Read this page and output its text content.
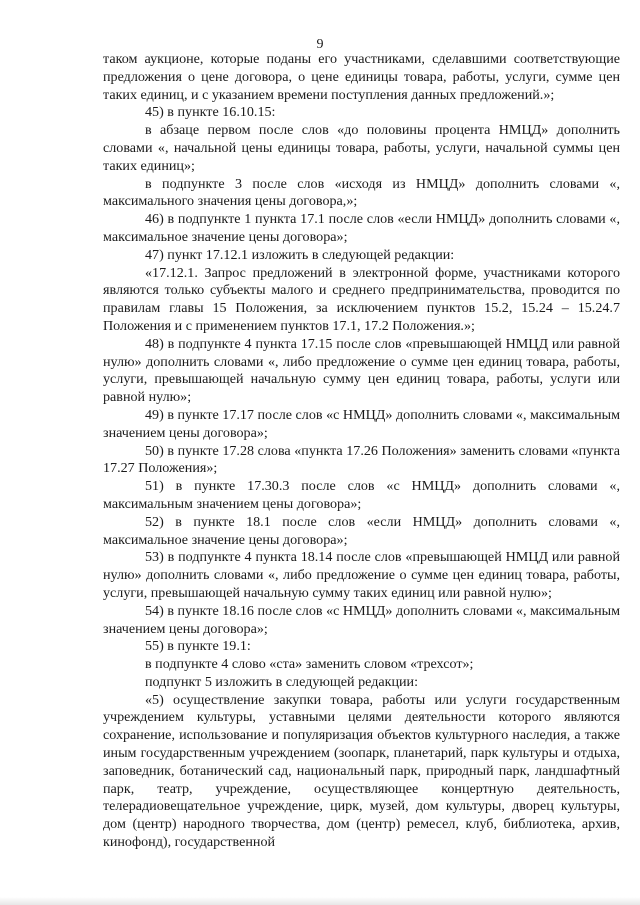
9

таком аукционе, которые поданы его участниками, сделавшими соответствующие предложения о цене договора, о цене единицы товара, работы, услуги, сумме цен таких единиц, и с указанием времени поступления данных предложений.»;

45) в пункте 16.10.15:

в абзаце первом после слов «до половины процента НМЦД» дополнить словами «, начальной цены единицы товара, работы, услуги, начальной суммы цен таких единиц»;

в подпункте 3 после слов «исходя из НМЦД» дополнить словами «, максимального значения цены договора,»;

46) в подпункте 1 пункта 17.1 после слов «если НМЦД» дополнить словами «, максимальное значение цены договора»;

47) пункт 17.12.1 изложить в следующей редакции:

«17.12.1. Запрос предложений в электронной форме, участниками которого являются только субъекты малого и среднего предпринимательства, проводится по правилам главы 15 Положения, за исключением пунктов 15.2, 15.24 – 15.24.7 Положения и с применением пунктов 17.1, 17.2 Положения.»;

48) в подпункте 4 пункта 17.15 после слов «превышающей НМЦД или равной нулю» дополнить словами «, либо предложение о сумме цен единиц товара, работы, услуги, превышающей начальную сумму цен единиц товара, работы, услуги или равной нулю»;

49) в пункте 17.17 после слов «с НМЦД» дополнить словами «, максимальным значением цены договора»;

50) в пункте 17.28 слова «пункта 17.26 Положения» заменить словами «пункта 17.27 Положения»;

51) в пункте 17.30.3 после слов «с НМЦД» дополнить словами «, максимальным значением цены договора»;

52) в пункте 18.1 после слов «если НМЦД» дополнить словами «, максимальное значение цены договора»;

53) в подпункте 4 пункта 18.14 после слов «превышающей НМЦД или равной нулю» дополнить словами «, либо предложение о сумме цен единиц товара, работы, услуги, превышающей начальную сумму таких единиц или равной нулю»;

54) в пункте 18.16 после слов «с НМЦД» дополнить словами «, максимальным значением цены договора»;

55) в пункте 19.1:

в подпункте 4 слово «ста» заменить словом «трехсот»;

подпункт 5 изложить в следующей редакции:

«5) осуществление закупки товара, работы или услуги государственным учреждением культуры, уставными целями деятельности которого являются сохранение, использование и популяризация объектов культурного наследия, а также иным государственным учреждением (зоопарк, планетарий, парк культуры и отдыха, заповедник, ботанический сад, национальный парк, природный парк, ландшафтный парк, театр, учреждение, осуществляющее концертную деятельность, телерадиовещательное учреждение, цирк, музей, дом культуры, дворец культуры, дом (центр) народного творчества, дом (центр) ремесел, клуб, библиотека, архив, кинофонд), государственной
